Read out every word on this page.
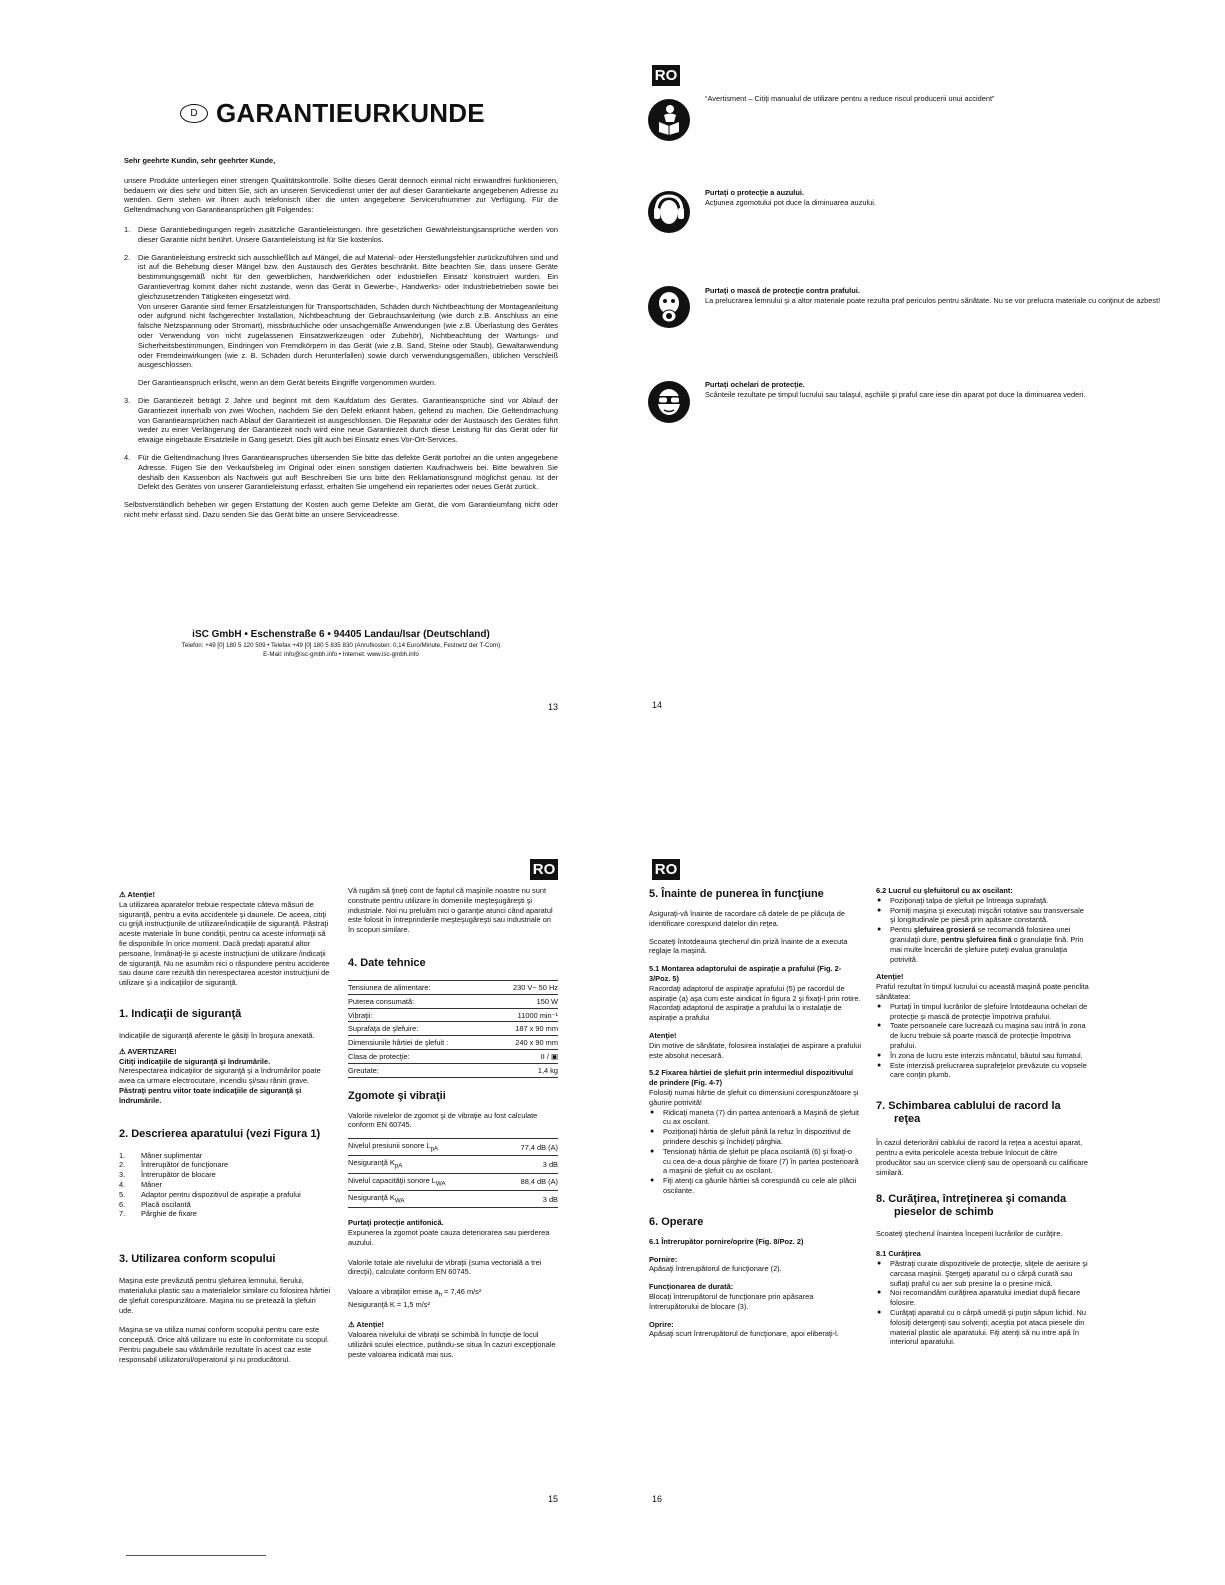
D GARANTIEURKUNDE

Sehr geehrte Kundin, sehr geehrter Kunde,

unsere Produkte unterliegen einer strengen Qualitätskontrolle. Sollte dieses Gerät dennoch einmal nicht einwandfrei funktionieren, bedauern wir dies sehr und bitten Sie, sich an unseren Servicedienst unter der auf dieser Garantiekarte angegebenen Adresse zu wenden. Gern stehen wir Ihnen auch telefonisch über die unten angegebene Servicerufnummer zur Verfügung. Für die Geltendmachung von Garantieansprüchen gilt Folgendes:

1. Diese Garantiebedingungen regeln zusätzliche Garantieleistungen. Ihre gesetzlichen Gewährleistungsansprüche werden von dieser Garantie nicht berührt. Unsere Garantieleistung ist für Sie kostenlos.
2. Die Garantieleistung erstreckt sich ausschließlich auf Mängel, die auf Material- oder Herstellungsfehler zurückzuführen sind und ist auf die Behebung dieser Mängel bzw. den Austausch des Gerätes beschränkt. Bitte beachten Sie, dass unsere Geräte bestimmungsgemäß nicht für den gewerblichen, handwerklichen oder industriellen Einsatz konstruiert wurden. Ein Garantievertrag kommt daher nicht zustande, wenn das Gerät in Gewerbe-, Handwerks- oder Industriebetrieben sowie bei gleichzusetzenden Tätigkeiten eingesetzt wird.

Von unserer Garantie sind ferner Ersatzleistungen für Transportschäden, Schäden durch Nichtbeachtung der Montageanleitung oder aufgrund nicht fachgerechter Installation, Nichtbeachtung der Gebrauchsanleitung (wie durch z.B. Anschluss an eine falsche Netzspannung oder Stromart), missbräuchliche oder unsachgemäße Anwendungen (wie z.B. Überlastung des Gerätes oder Verwendung von nicht zugelassenen Einsatzwerkzeugen oder Zubehör), Nichtbeachtung der Wartungs- und Sicherheitsbestimmungen, Eindringen von Fremdkörpern in das Gerät (wie z.B. Sand, Steine oder Staub), Gewaltanwendung oder Fremdeinwirkungen (wie z. B. Schäden durch Herunterfallen) sowie durch verwendungsgemäßen, üblichen Verschleiß ausgeschlossen.

Der Garantieanspruch erlischt, wenn an dem Gerät bereits Eingriffe vorgenommen wurden.

3. Die Garantiezeit beträgt 2 Jahre und beginnt mit dem Kaufdatum des Gerätes. Garantieansprüche sind vor Ablauf der Garantiezeit innerhalb von zwei Wochen, nachdem Sie den Defekt erkannt haben, geltend zu machen. Die Geltendmachung von Garantieansprüchen nach Ablauf der Garantiezeit ist ausgeschlossen. Die Reparatur oder der Austausch des Gerätes führt weder zu einer Verlängerung der Garantiezeit noch wird eine neue Garantiezeit durch diese Leistung für das Gerät oder für etwaige eingebaute Ersatzteile in Gang gesetzt. Dies gilt auch bei Einsatz eines Vor-Ort-Services.
4. Für die Geltendmachung Ihres Garantieanspruches übersenden Sie bitte das defekte Gerät portofrei an die unten angegebene Adresse. Fügen Sie den Verkaufsbeleg im Original oder einen sonstigen datierten Kaufnachweis bei. Bitte bewahren Sie deshalb den Kassenbon als Nachweis gut auf! Beschreiben Sie uns bitte den Reklamationsgrund möglichst genau. Ist der Defekt des Gerätes von unserer Garantieleistung erfasst, erhalten Sie umgehend ein repariertes oder neues Gerät zurück.

Selbstverständlich beheben wir gegen Erstattung der Kosten auch gerne Defekte am Gerät, die vom Garantieumfang nicht oder nicht mehr erfasst sind. Dazu senden Sie das Gerät bitte an unsere Serviceadresse.

iSC GmbH • Eschenstraße 6 • 94405 Landau/Isar (Deutschland)

Telefon: +49 [0] 180 5 120 509 • Telefax +49 [0] 180 5 835 830 (Anrufkosten: 0,14 Euro/Minute, Festnetz der T-Com)

E-Mail: info@isc-gmbh.info • Internet: www.isc-gmbh.info

13
RO

“Avertisment – Citiţi manualul de utilizare pentru a reduce riscul producerii unui accident”

Purtaţi o protecţie a auzului.

Acţiunea zgomotului pot duce la diminuarea auzului.

Purtaţi o mască de protecţie contra prafului.

La prelucrarea lemnului şi a altor materiale poate rezulta praf periculos pentru sănătate. Nu se vor prelucra materiale cu conţinut de azbest!

Purtaţi ochelari de protecţie.

Scânteile rezultate pe timpul lucrului sau talaşul, aşchiile şi praful care iese din aparat pot duce la diminuarea vederi.

14
RO

⚠ Atenţie!

La utilizarea aparatelor trebuie respectate câteva măsuri de siguranţă, pentru a evita accidentele şi daunele. De aceea, citiţi cu grijă instrucţiunile de utilizare/indicaţiile de siguranţă. Păstraţi aceste materiale în bune condiţii, pentru ca aceste informaţii să fie disponibile în orice moment. Dacă predaţi aparatul altor persoane, înmânaţi-le şi aceste instrucţiuni de utilizare /indicaţii de siguranţă. Nu ne asumăm nici o răspundere pentru accidente sau daune care rezultă din nerespectarea acestor instrucţiuni de utilizare şi a indicaţiilor de siguranţă.

1. Indicaţii de siguranţă

Indicaţiile de siguranţă aferente le găsiţi în broşura anexată.

⚠ AVERTIZARE!

Citiţi indicaţiile de siguranţă şi îndrumările.

Nerespectarea indicaţiilor de siguranţă şi a îndrumărilor poate avea ca urmare electrocutare, incendiu şi/sau răniri grave.

Păstraţi pentru viitor toate indicaţiile de siguranţă şi îndrumările.

2. Descrierea aparatului (vezi Figura 1)

1. Mâner suplimentar
2. Întrerupător de funcţionare
3. Întrerupător de blocare
4. Mâner
5. Adaptor pentru dispozitivul de aspiraţie a prafului
6. Placă oscilantă
7. Pârghie de fixare

3. Utilizarea conform scopului

Maşina este prevăzută pentru şlefuirea lemnului, fierului, materialului plastic sau a materialelor similare cu folosirea hârtiei de şlefuit corespunzătoare. Maşina nu se pretează la şlefuiri ude.

Maşina se va utiliza numai conform scopului pentru care este concepută. Orice altă utilizare nu este în conformitate cu scopul. Pentru pagubele sau vătămările rezultate în acest caz este responsabil utilizatorul/operatorul şi nu producătorul.

Vă rugăm să ţineţi cont de faptul că maşinile noastre nu sunt construite pentru utilizare în domeniile meşteşugăreşti şi industriale. Noi nu preluăm nici o garanţie atunci când aparatul este folosit în întreprinderile meşteşugăreşti sau industriale ori în scopuri similare.

4. Date tehnice

Tensiunea de alimentare:	230 V~ 50 Hz
Puterea consumată:	150 W
Vibraţii:	11000 min⁻¹
Suprafaţa de şlefuire:	187 x 90 mm
Dimensiunile hârtiei de şlefuit :	240 x 90 mm
Clasa de protecţie:	II / ▣
Greutate:	1,4 kg

Zgomote şi vibraţii

Valorile nivelelor de zgomot şi de vibraţie au fost calculate conform EN 60745.

Nivelul presiunii sonore $L_{pA}$	77,4 dB (A)
Nesiguranţă $K_{pA}$	3 dB
Nivelul capacităţii sonore $L_{WA}$	88,4 dB (A)
Nesiguranţă $K_{WA}$	3 dB

Purtaţi protecţie antifonică.

Expunerea la zgomot poate cauza deteriorarea sau pierderea auzului.

Valorile totale ale nivelului de vibraţii (suma vectorială a trei direcţii), calculate conform EN 60745.

Valoare a vibraţiilor emise $a_h = 7,46$ m/s²

Nesiguranţă K = 1,5 m/s²

⚠ Atenţie!

Valoarea nivelului de vibraţii se schimbă în funcţie de locul utilizării sculei electrice, putându-se situa în cazuri excepţionale peste valoarea indicată mai sus.

15
RO

5. Înainte de punerea în funcţiune

Asiguraţi-vă înainte de racordare că datele de pe plăcuţa de identificare corespund datelor din reţea.

Scoateţi întotdeauna ştecherul din priză înainte de a executa reglaje la maşină.

5.1 Montarea adaptorului de aspiraţie a prafului (Fig. 2-3/Poz. 5)

Racordaţi adaptorul de aspiraţie aprafului (5) pe racordul de aspiraţie (a) aşa cum este aindicat în figura 2 şi fixaţi-l prin rotire. Racordaţi adaptorul de aspiraţie a prafului la o instalaţie de aspiraţie a prafului

Atenţie!

Din motive de sănătate, folosirea instalaţiei de aspirare a prafului este absolut necesară.

5.2 Fixarea hârtiei de şlefuit prin intermediul dispozitivului de prindere (Fig. 4-7)

Folosiţi numai hârtie de şlefuit cu dimensiuni corespunzătoare şi găurire potrivită!

● Ridicaţi maneta (7) din partea anterioară a Maşinǎ de şlefuit cu ax oscilant.
● Poziţionaţi hârtia de şlefuit până la refuz în dispozitivul de prindere deschis şi închideţi pârghia.
● Tensionaţi hârtia de şlefuit pe placa oscilantă (6) şi fixaţi-o cu cea de-a doua pârghie de fixare (7) în partea posterioară a maşinii de şlefuit cu ax oscilant.
● Fiţi atenţi ca găurile hârtiei să corespundă cu cele ale plăcii oscilante.

6. Operare

6.1 Întrerupător pornire/oprire (Fig. 8/Poz. 2)

Pornire:

Apăsaţi întrerupătorul de funcţionare (2).

Funcţionarea de durată:

Blocaţi întrerupătorul de funcţionare prin apăsarea întrerupătorului de blocare (3).

Oprire:

Apăsaţi scurt întrerupătorul de funcţionare, apoi eliberaţi-l.

6.2 Lucrul cu şlefuitorul cu ax oscilant:

● Poziţionaţi talpa de şlefuit pe întreaga suprafaţă.
● Porniţi maşina şi executaţi mişcări rotative sau transversale şi longitudinale pe piesă prin apăsare constantă.
● Pentru şlefuirea grosieră se recomandă folosirea unei granulaţii dure, pentru şlefuirea fină o granulaţie fină. Prin mai multe încercări de şlefuire puteţi evalua granulaţia potrivită.

Atenţie!

Praful rezultat în timpul lucrului cu această maşină poate periclita sănătatea:

● Purtaţi în timpul lucrărilor de şlefuire întotdeauna ochelari de protecţie şi mască de protecţie împotriva prafului.
● Toate persoanele care lucrează cu maşina sau intră în zona de lucru trebuie să poarte mască de protecţie împotriva prafului.
● În zona de lucru este interzis mâncatul, băutul sau fumatul.
● Este interzisă prelucrarea suprafeţelor prevăzute cu vopsele care conţin plumb.

7. Schimbarea cablului de racord la
reţea

În cazul deteriorării cablului de racord la reţea a acestui aparat, pentru a evita pericolele acesta trebuie înlocuit de către producător sau un scervice clienţi sau de opersoană cu calificare similară.

8. Curăţirea, întreţinerea şi comanda
pieselor de schimb

Scoateţi ştecherul înaintea începerii lucrărilor de curăţire.

8.1 Curăţirea

● Păstraţi curate dispozitivele de protecţie, sliţele de aerisire şi carcasa maşinii. Ştergeţi aparatul cu o cârpă curată sau suflaţi praful cu aer sub presine la o presine mică.
● Noi recomandăm curăţirea aparatului imediat după fiecare folosire.
● Curăţaţi aparatul cu o cârpă umedă şi puţin săpun lichid. Nu folosiţi detergenţi sau solvenţi; aceştia pot ataca piesele din material plastic ale aparatului. Fiţi atenţi să nu intre apă în interiorul aparatului.
16
